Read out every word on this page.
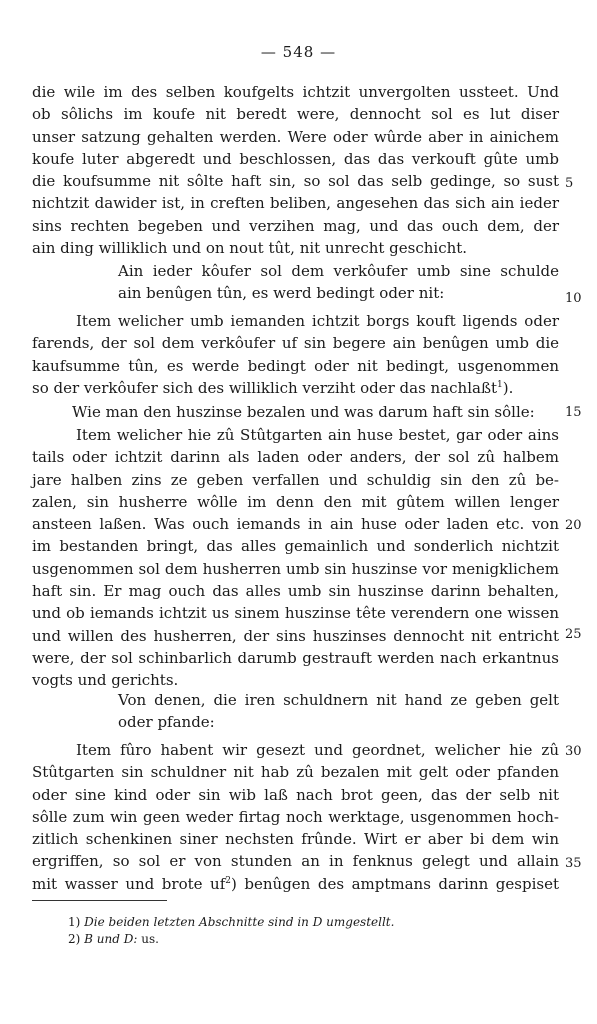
— 548 —
die wile im des selben koufgelts ichtzit unvergolten ussteet. Und
ob sôlichs im koufe nit beredt were, dennocht sol es lut diser
unser satzung gehalten werden. Were oder wûrde aber in ainichem
koufe luter abgeredt und beschlossen, das das verkouft gûte umb
die koufsumme nit sôlte haft sin, so sol das selb gedinge, so sust
nichtzit dawider ist, in creften beliben, angesehen das sich ain ieder
sins rechten begeben und verzihen mag, und das ouch dem, der
ain ding williklich und on nout tût, nit unrecht geschicht.
Ain ieder kôufer sol dem verkôufer umb sine schulde
ain benûgen tûn, es werd bedingt oder nit:
Item welicher umb iemanden ichtzit borgs kouft ligends oder
farends, der sol dem verkôufer uf sin begere ain benûgen umb die
kaufsumme tûn, es werde bedingt oder nit bedingt, usgenommen
so der verkôufer sich des williklich verziht oder das nachlaßt$^1$).
Wie man den huszinse bezalen und was darum haft sin sôlle:
Item welicher hie zû Stûtgarten ain huse bestet, gar oder ains
tails oder ichtzit darinn als laden oder anders, der sol zû halbem
jare halben zins ze geben verfallen und schuldig sin den zû be-
zalen, sin husherre wôlle im denn den mit gûtem willen lenger
ansteen laßen. Was ouch iemands in ain huse oder laden etc. von
im bestanden bringt, das alles gemainlich und sonderlich nichtzit
usgenommen sol dem husherren umb sin huszinse vor menigklichem
haft sin. Er mag ouch das alles umb sin huszinse darinn behalten,
und ob iemands ichtzit us sinem huszinse tête verendern one wissen
und willen des husherren, der sins huszinses dennocht nit entricht
were, der sol schinbarlich darumb gestrauft werden nach erkantnus
vogts und gerichts.
Von denen, die iren schuldnern nit hand ze geben gelt
oder pfande:
Item fûro habent wir gesezt und geordnet, welicher hie zû
Stûtgarten sin schuldner nit hab zû bezalen mit gelt oder pfanden
oder sine kind oder sin wib laß nach brot geen, das der selb nit
sôlle zum win geen weder firtag noch werktage, usgenommen hoch-
zitlich schenkinen siner nechsten frûnde. Wirt er aber bi dem win
ergriffen, so sol er von stunden an in fenknus gelegt und allain
mit wasser und brote $uf^2$) benûgen des amptmans darinn gespiset
5
10
15
20
25
30
35
1) Die beiden letzten Abschnitte sind in D umgestellt.
2) B und D: us.
